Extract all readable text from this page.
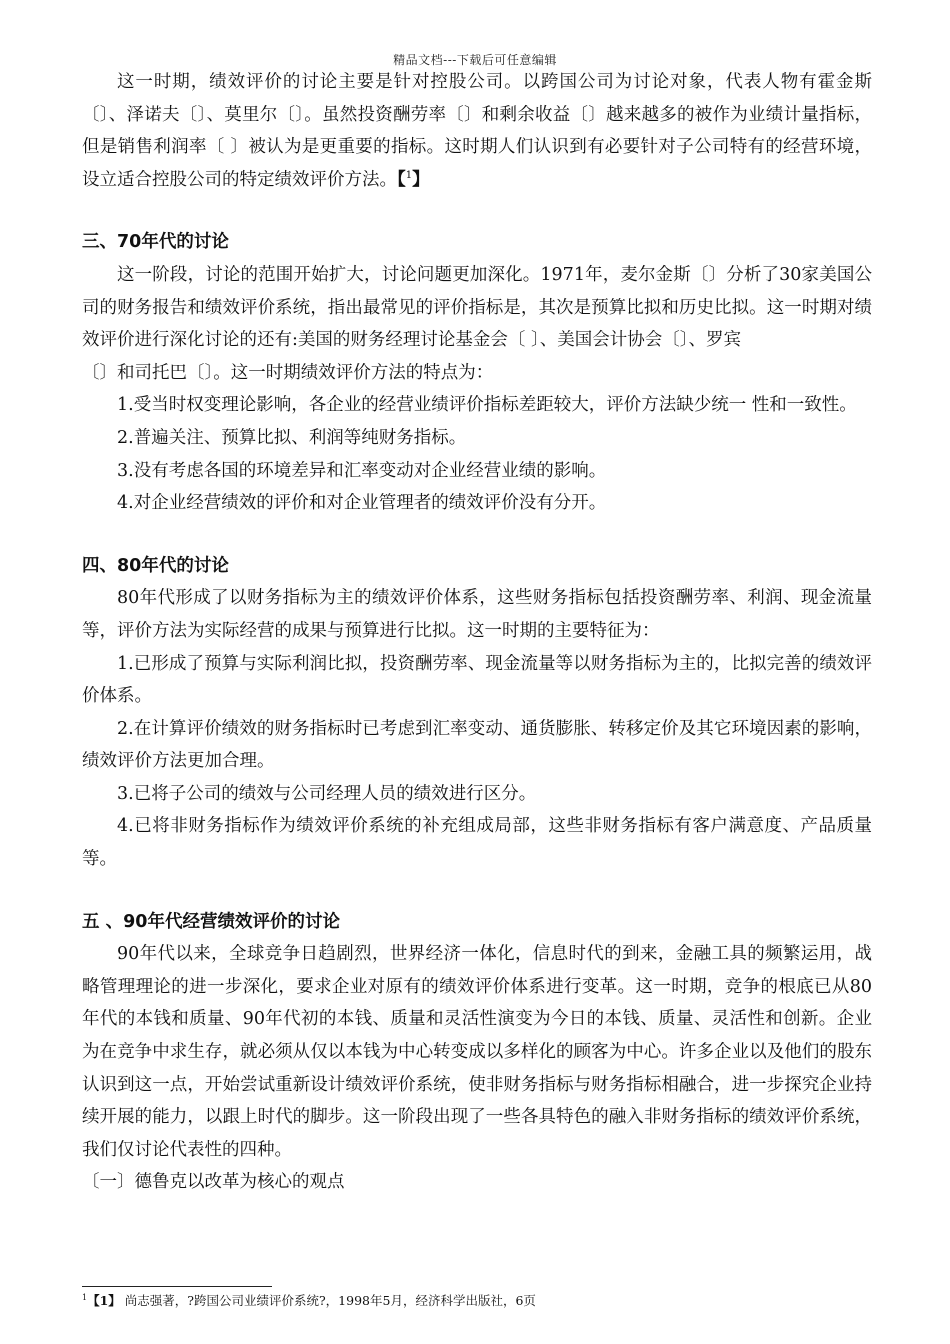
精品文档---下载后可任意编辑

这一时期，绩效评价的讨论主要是针对控股公司。以跨国公司为讨论对象，代表人物有霍金斯〔〕、泽诺夫〔〕、莫里尔〔〕。虽然投资酬劳率〔〕和剩余收益〔〕越来越多的被作为业绩计量指标，但是销售利润率〔 〕被认为是更重要的指标。这时期人们认识到有必要针对子公司特有的经营环境，设立适合控股公司的特定绩效评价方法。【$^1$】

三、70年代的讨论

这一阶段，讨论的范围开始扩大，讨论问题更加深化。1971年，麦尔金斯〔〕分析了30家美国公司的财务报告和绩效评价系统，指出最常见的评价指标是，其次是预算比拟和历史比拟。这一时期对绩效评价进行深化讨论的还有:美国的财务经理讨论基金会〔 〕、美国会计协会〔〕、罗宾

〔〕和司托巴〔〕。这一时期绩效评价方法的特点为：

1.受当时权变理论影响，各企业的经营业绩评价指标差距较大，评价方法缺少统一 性和一致性。

2.普遍关注、预算比拟、利润等纯财务指标。

3.没有考虑各国的环境差异和汇率变动对企业经营业绩的影响。

4.对企业经营绩效的评价和对企业管理者的绩效评价没有分开。

四、80年代的讨论

80年代形成了以财务指标为主的绩效评价体系，这些财务指标包括投资酬劳率、利润、现金流量等，评价方法为实际经营的成果与预算进行比拟。这一时期的主要特征为：

1.已形成了预算与实际利润比拟，投资酬劳率、现金流量等以财务指标为主的，比拟完善的绩效评价体系。

2.在计算评价绩效的财务指标时已考虑到汇率变动、通货膨胀、转移定价及其它环境因素的影响，绩效评价方法更加合理。

3.已将子公司的绩效与公司经理人员的绩效进行区分。

4.已将非财务指标作为绩效评价系统的补充组成局部，这些非财务指标有客户满意度、产品质量等。

五 、90年代经营绩效评价的讨论

90年代以来，全球竞争日趋剧烈，世界经济一体化，信息时代的到来，金融工具的频繁运用，战略管理理论的进一步深化，要求企业对原有的绩效评价体系进行变革。这一时期，竞争的根底已从80年代的本钱和质量、90年代初的本钱、质量和灵活性演变为今日的本钱、质量、灵活性和创新。企业为在竞争中求生存，就必须从仅以本钱为中心转变成以多样化的顾客为中心。许多企业以及他们的股东认识到这一点，开始尝试重新设计绩效评价系统，使非财务指标与财务指标相融合，进一步探究企业持续开展的能力，以跟上时代的脚步。这一阶段出现了一些各具特色的融入非财务指标的绩效评价系统，我们仅讨论代表性的四种。

〔一〕德鲁克以改革为核心的观点

$^1$【1】 尚志强著，?跨国公司业绩评价系统?，1998年5月，经济科学出版社，6页
